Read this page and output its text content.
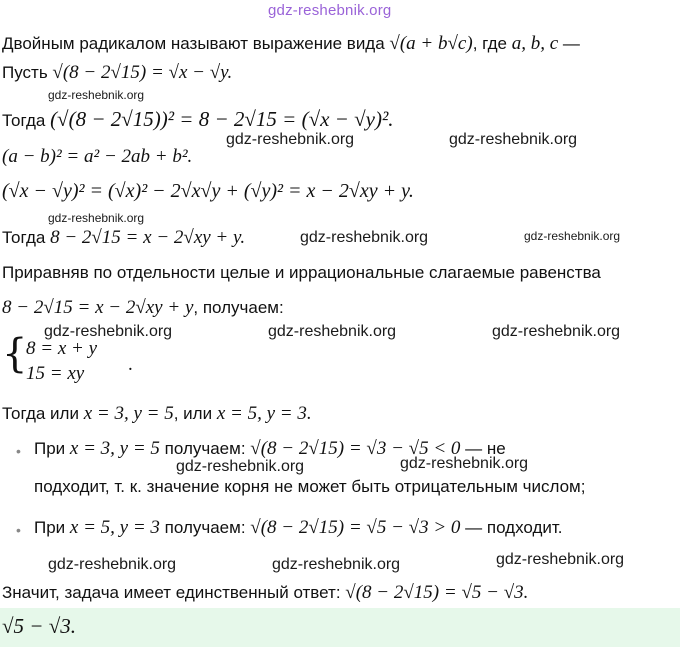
gdz-reshebnik.org
Двойным радикалом называют выражение вида √(a + b√c), где a, b, c —
Пусть √(8 − 2√15) = √x − √y.
gdz-reshebnik.org
Тогда (√(8 − 2√15))² = 8 − 2√15 = (√x − √y)².
gdz-reshebnik.org	gdz-reshebnik.org
(a − b)² = a² − 2ab + b².
(√x − √y)² = (√x)² − 2√x√y + (√y)² = x − 2√xy + y.
gdz-reshebnik.org
Тогда 8 − 2√15 = x − 2√xy + y.	gdz-reshebnik.org	gdz-reshebnik.org
Приравняв по отдельности целые и иррациональные слагаемые равенства
8 − 2√15 = x − 2√xy + y, получаем:
gdz-reshebnik.org	gdz-reshebnik.org	gdz-reshebnik.org
{
8 = x + y
15 = xy .
Тогда или x = 3, y = 5, или x = 5, y = 3.
• При x = 3, y = 5 получаем: √(8 − 2√15) = √3 − √5 < 0 — не
gdz-reshebnik.org	gdz-reshebnik.org
подходит, т. к. значение корня не может быть отрицательным числом;
• При x = 5, y = 3 получаем: √(8 − 2√15) = √5 − √3 > 0 — подходит.
gdz-reshebnik.org	gdz-reshebnik.org	gdz-reshebnik.org
Значит, задача имеет единственный ответ: √(8 − 2√15) = √5 − √3.
√5 − √3.
